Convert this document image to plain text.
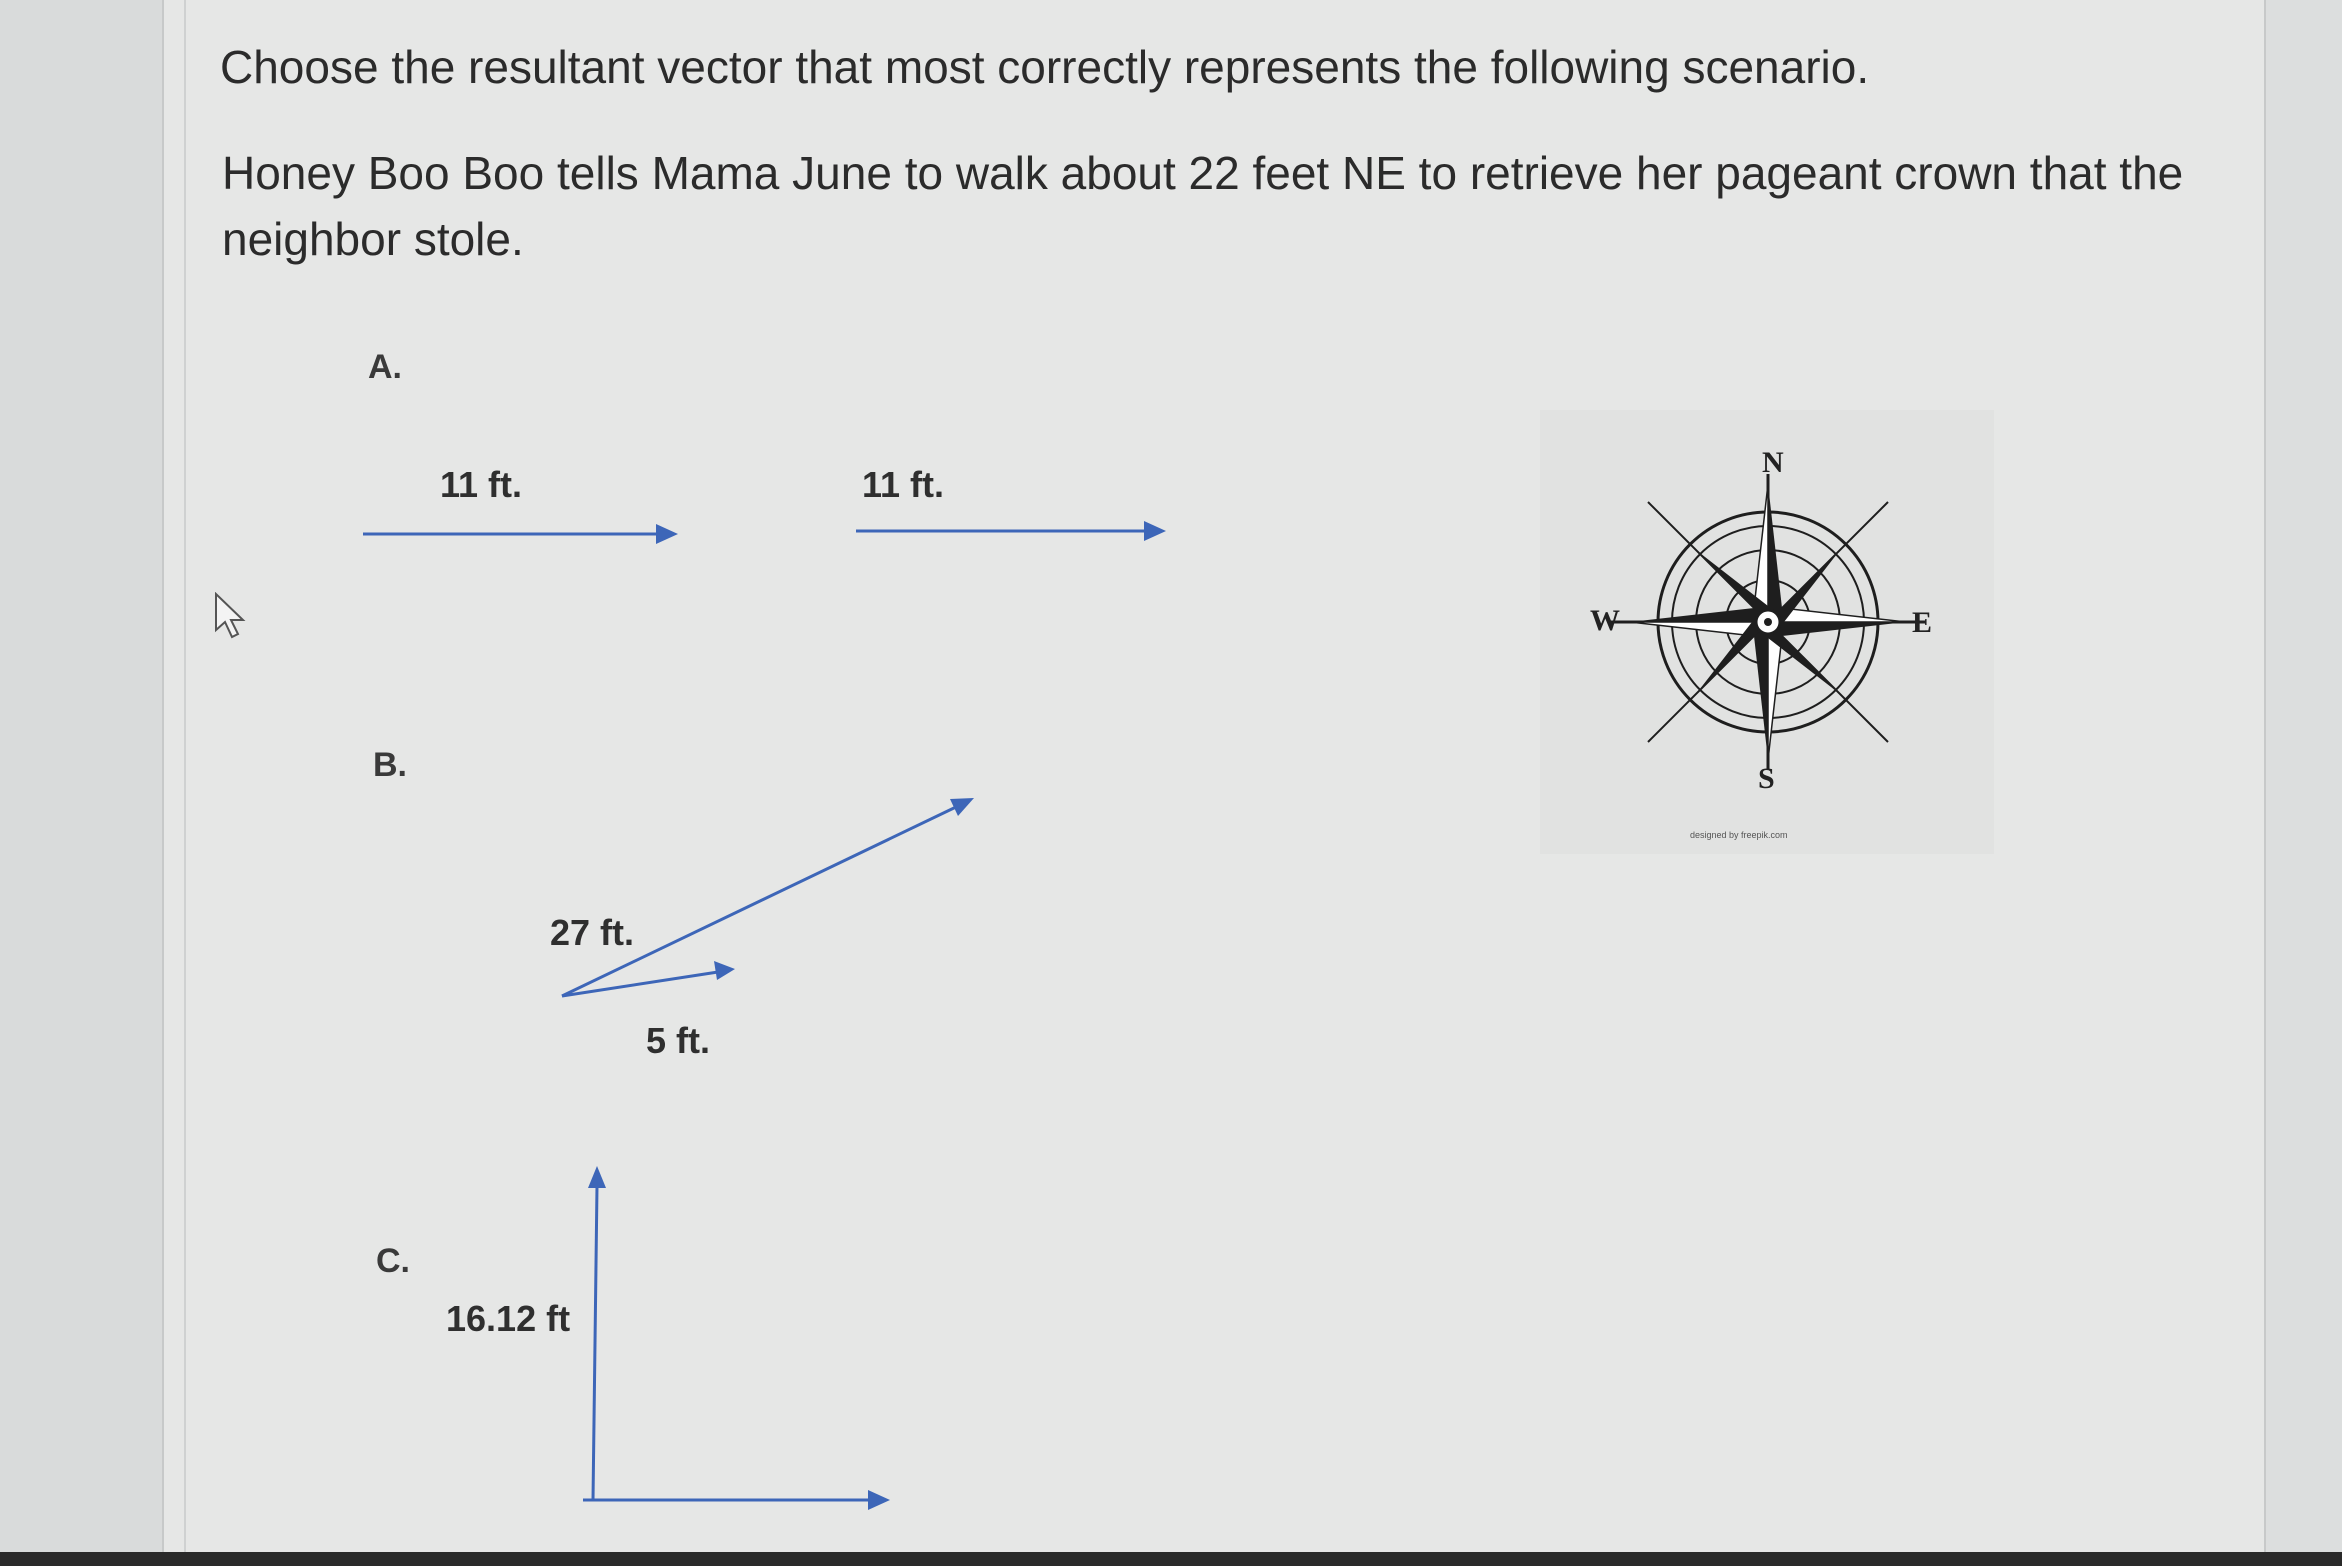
Choose the resultant vector that most correctly represents the following scenario.
Honey Boo Boo tells Mama June to walk about 22 feet NE to retrieve her pageant crown that the neighbor stole.
A.
B.
C.
11 ft.	11 ft.
27 ft.
5 ft.
16.12 ft
N
S
E
W
designed by freepik.com
